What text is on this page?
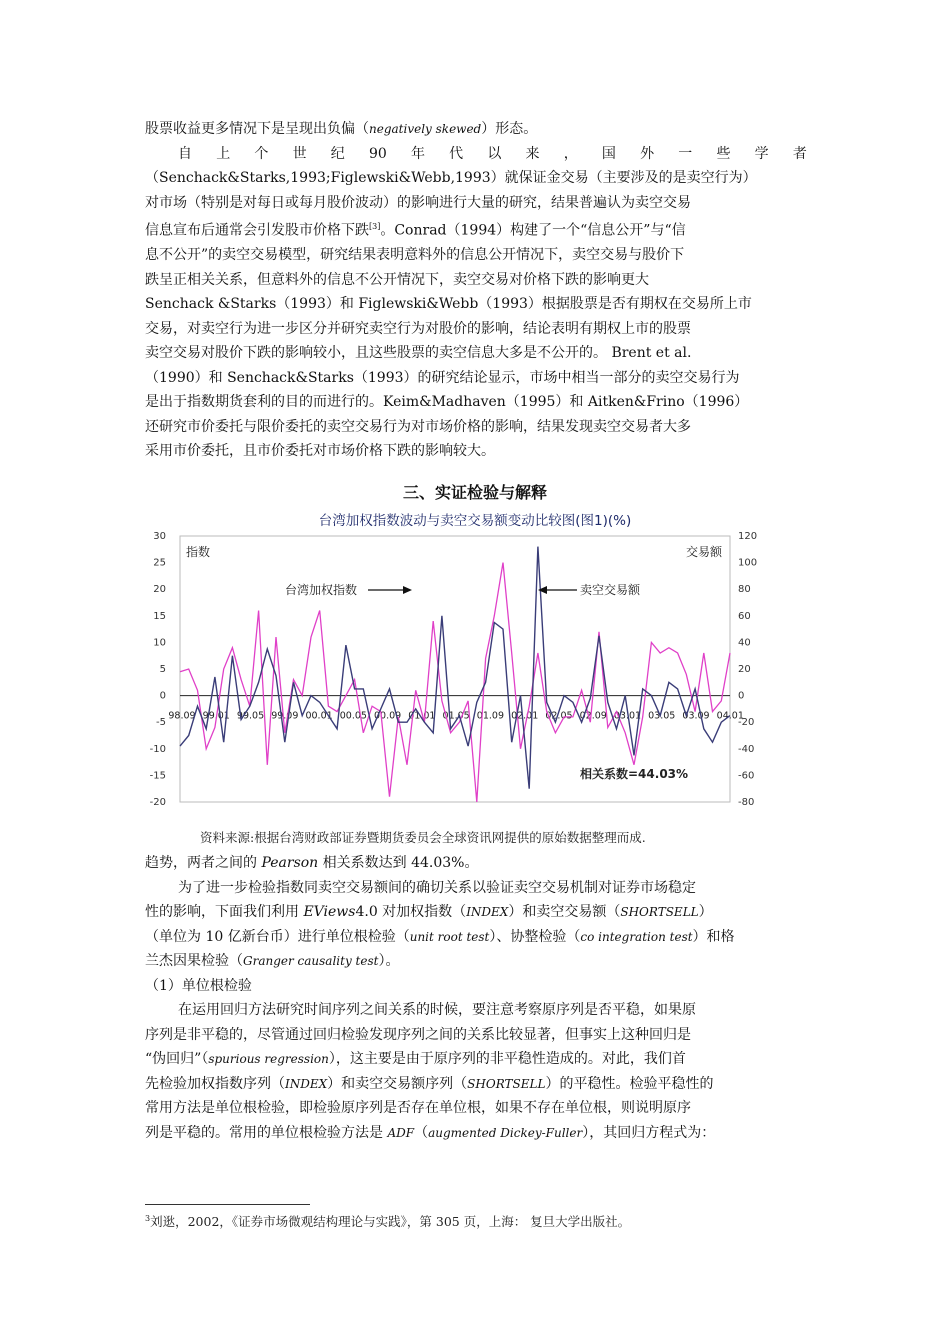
股票收益更多情况下是呈现出负偏（negatively skewed）形态。
自 上 个 世 纪 90 年 代 以 来 ， 国 外 一 些 学 者
（Senchack&Starks,1993;Figlewski&Webb,1993）就保证金交易（主要涉及的是卖空行为）
对市场（特别是对每日或每月股价波动）的影响进行大量的研究，结果普遍认为卖空交易
信息宣布后通常会引发股市价格下跌[3]。Conrad（1994）构建了一个“信息公开”与“信
息不公开”的卖空交易模型，研究结果表明意料外的信息公开情况下，卖空交易与股价下
跌呈正相关关系，但意料外的信息不公开情况下，卖空交易对价格下跌的影响更大
Senchack &Starks（1993）和 Figlewski&Webb（1993）根据股票是否有期权在交易所上市
交易，对卖空行为进一步区分并研究卖空行为对股价的影响，结论表明有期权上市的股票
卖空交易对股价下跌的影响较小，且这些股票的卖空信息大多是不公开的。 Brent et al.
（1990）和 Senchack&Starks（1993）的研究结论显示，市场中相当一部分的卖空交易行为
是出于指数期货套利的目的而进行的。Keim&Madhaven（1995）和 Aitken&Frino（1996）
还研究市价委托与限价委托的卖空交易行为对市场价格的影响，结果发现卖空交易者大多
采用市价委托，且市价委托对市场价格下跌的影响较大。
三、实证检验与解释
台湾加权指数波动与卖空交易额变动比较图(图1)(%)
30
25
20
15
10
5
0
-5
-10
-15
-20
120
100
80
60
40
20
0
-20
-40
-60
-80
98.09 99.01 99.05 99.09 00.01 00.05 00.09 01.01 01.05 01.09 02.01 02.05 02.09 03.01 03.05 03.09 04.01
指数	交易额
台湾加权指数	卖空交易额
相关系数=44.03%
资料来源:根据台湾财政部证券暨期货委员会全球资讯网提供的原始数据整理而成.
趋势，两者之间的 Pearson 相关系数达到 44.03%。
为了进一步检验指数同卖空交易额间的确切关系以验证卖空交易机制对证券市场稳定
性的影响，下面我们利用 EViews4.0 对加权指数（INDEX）和卖空交易额（SHORTSELL）
（单位为 10 亿新台币）进行单位根检验（unit root test）、协整检验（co integration test）和格
兰杰因果检验（Granger causality test）。
（1）单位根检验
在运用回归方法研究时间序列之间关系的时候，要注意考察原序列是否平稳，如果原
序列是非平稳的，尽管通过回归检验发现序列之间的关系比较显著，但事实上这种回归是
“伪回归”（spurious regression），这主要是由于原序列的非平稳性造成的。对此，我们首
先检验加权指数序列（INDEX）和卖空交易额序列（SHORTSELL）的平稳性。检验平稳性的
常用方法是单位根检验，即检验原序列是否存在单位根，如果不存在单位根，则说明原序
列是平稳的。常用的单位根检验方法是 ADF（augmented Dickey-Fuller），其回归方程式为：
$^3$刘逖，2002，《证券市场微观结构理论与实践》，第 305 页，上海： 复旦大学出版社。
